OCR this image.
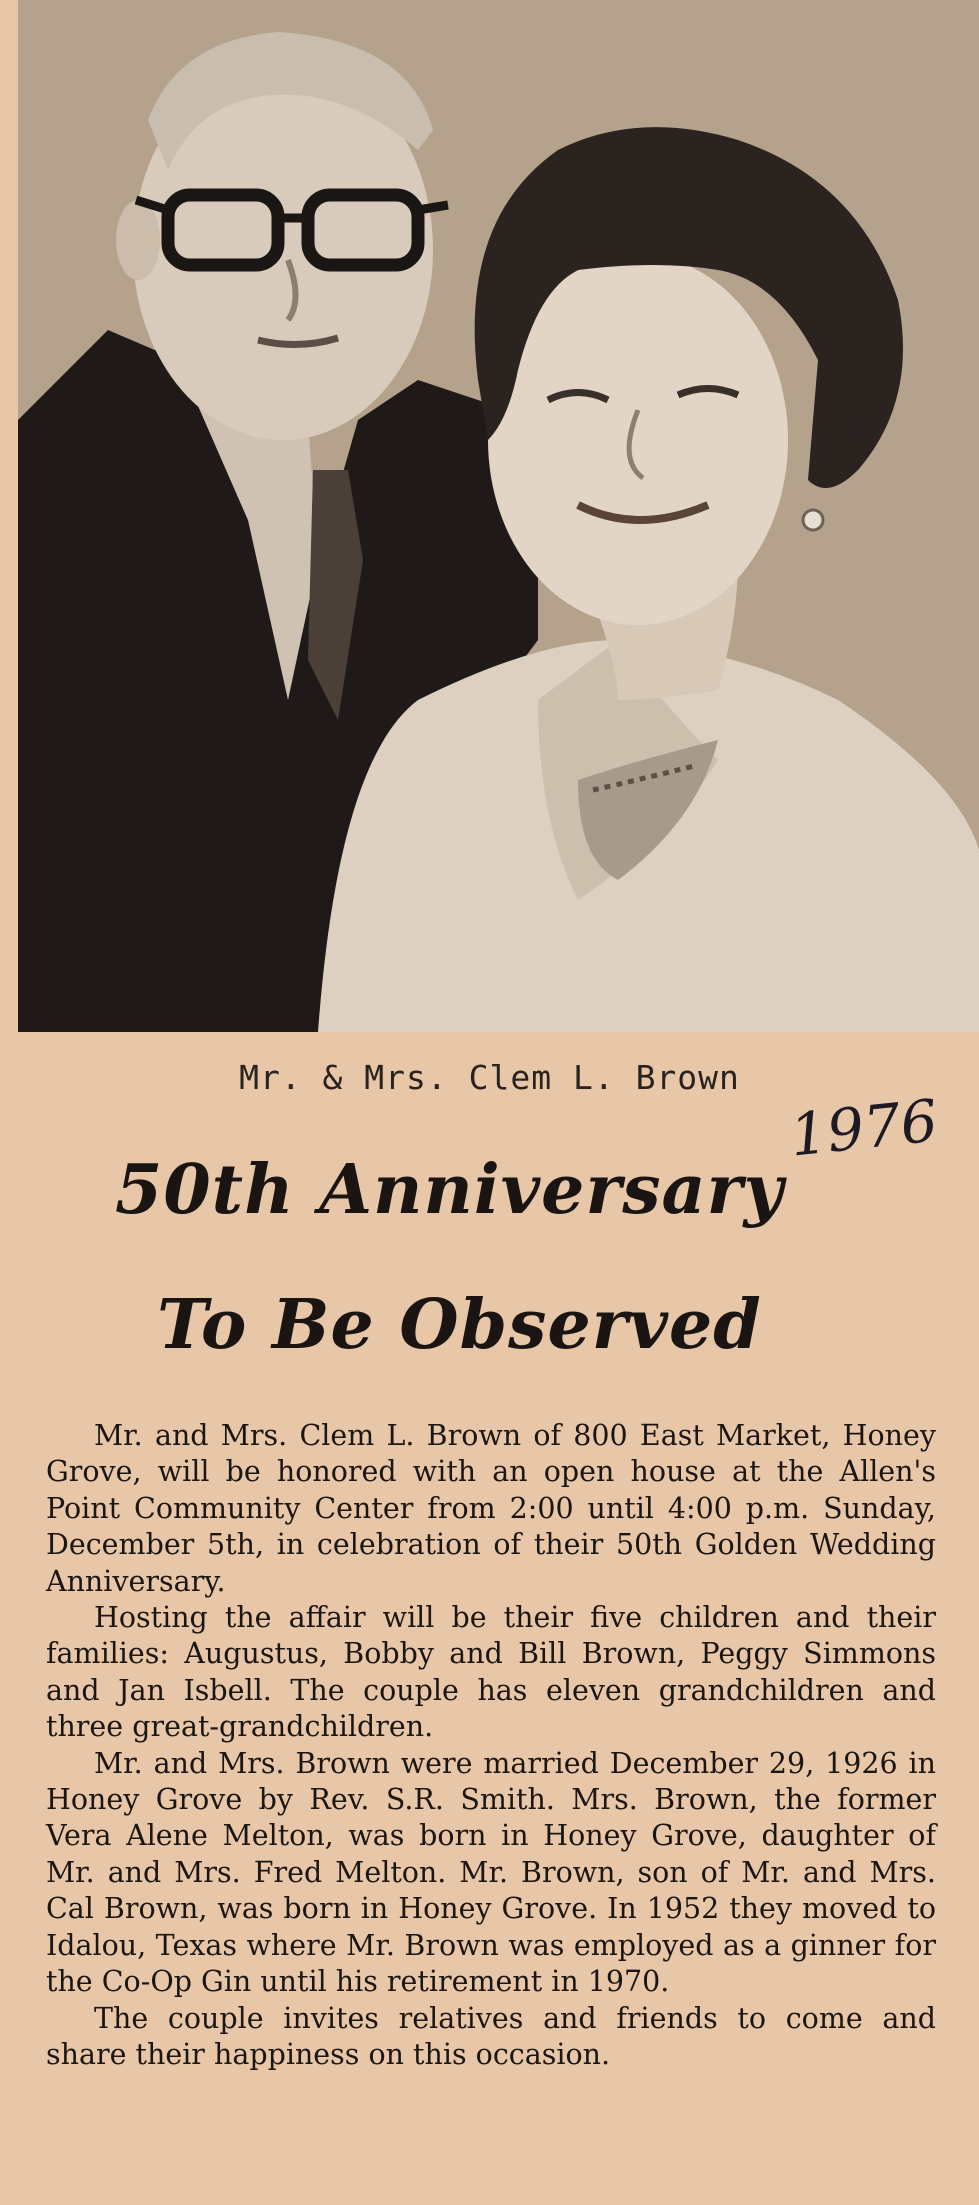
Mr. & Mrs. Clem L. Brown
1976
50th Anniversary
To Be Observed

Mr. and Mrs. Clem L. Brown of 800 East Market, Honey Grove, will be honored with an open house at the Allen's Point Community Center from 2:00 until 4:00 p.m. Sunday, December 5th, in celebration of their 50th Golden Wedding Anniversary.

Hosting the affair will be their five children and their families: Augustus, Bobby and Bill Brown, Peggy Simmons and Jan Isbell. The couple has eleven grandchildren and three great-grandchildren.

Mr. and Mrs. Brown were married December 29, 1926 in Honey Grove by Rev. S.R. Smith. Mrs. Brown, the former Vera Alene Melton, was born in Honey Grove, daughter of Mr. and Mrs. Fred Melton. Mr. Brown, son of Mr. and Mrs. Cal Brown, was born in Honey Grove. In 1952 they moved to Idalou, Texas where Mr. Brown was employed as a ginner for the Co-Op Gin until his retirement in 1970.

The couple invites relatives and friends to come and share their happiness on this occasion.
